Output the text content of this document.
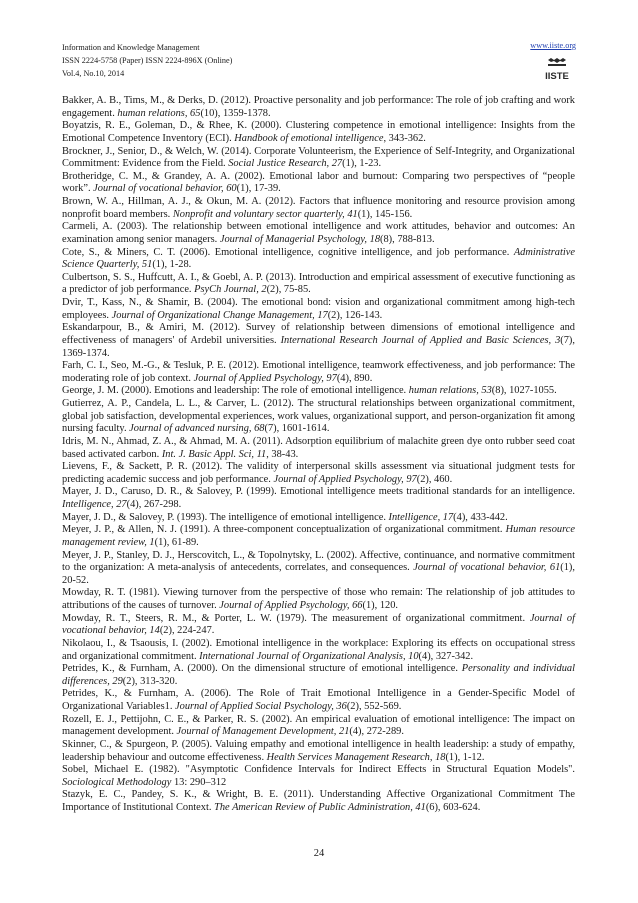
Information and Knowledge Management
ISSN 2224-5758 (Paper) ISSN 2224-896X (Online)
Vol.4, No.10, 2014
www.iiste.org
IISTE

Bakker, A. B., Tims, M., & Derks, D. (2012). Proactive personality and job performance: The role of job crafting and work engagement. human relations, 65(10), 1359-1378.

Boyatzis, R. E., Goleman, D., & Rhee, K. (2000). Clustering competence in emotional intelligence: Insights from the Emotional Competence Inventory (ECI). Handbook of emotional intelligence, 343-362.

Brockner, J., Senior, D., & Welch, W. (2014). Corporate Volunteerism, the Experience of Self-Integrity, and Organizational Commitment: Evidence from the Field. Social Justice Research, 27(1), 1-23.

Brotheridge, C. M., & Grandey, A. A. (2002). Emotional labor and burnout: Comparing two perspectives of “people work”. Journal of vocational behavior, 60(1), 17-39.

Brown, W. A., Hillman, A. J., & Okun, M. A. (2012). Factors that influence monitoring and resource provision among nonprofit board members. Nonprofit and voluntary sector quarterly, 41(1), 145-156.

Carmeli, A. (2003). The relationship between emotional intelligence and work attitudes, behavior and outcomes: An examination among senior managers. Journal of Managerial Psychology, 18(8), 788-813.

Cote, S., & Miners, C. T. (2006). Emotional intelligence, cognitive intelligence, and job performance. Administrative Science Quarterly, 51(1), 1-28.

Culbertson, S. S., Huffcutt, A. I., & Goebl, A. P. (2013). Introduction and empirical assessment of executive functioning as a predictor of job performance. PsyCh Journal, 2(2), 75-85.

Dvir, T., Kass, N., & Shamir, B. (2004). The emotional bond: vision and organizational commitment among high-tech employees. Journal of Organizational Change Management, 17(2), 126-143.

Eskandarpour, B., & Amiri, M. (2012). Survey of relationship between dimensions of emotional intelligence and effectiveness of managers' of Ardebil universities. International Research Journal of Applied and Basic Sciences, 3(7), 1369-1374.

Farh, C. I., Seo, M.-G., & Tesluk, P. E. (2012). Emotional intelligence, teamwork effectiveness, and job performance: The moderating role of job context. Journal of Applied Psychology, 97(4), 890.

George, J. M. (2000). Emotions and leadership: The role of emotional intelligence. human relations, 53(8), 1027-1055.

Gutierrez, A. P., Candela, L. L., & Carver, L. (2012). The structural relationships between organizational commitment, global job satisfaction, developmental experiences, work values, organizational support, and person‐organization fit among nursing faculty. Journal of advanced nursing, 68(7), 1601-1614.

Idris, M. N., Ahmad, Z. A., & Ahmad, M. A. (2011). Adsorption equilibrium of malachite green dye onto rubber seed coat based activated carbon. Int. J. Basic Appl. Sci, 11, 38-43.

Lievens, F., & Sackett, P. R. (2012). The validity of interpersonal skills assessment via situational judgment tests for predicting academic success and job performance. Journal of Applied Psychology, 97(2), 460.

Mayer, J. D., Caruso, D. R., & Salovey, P. (1999). Emotional intelligence meets traditional standards for an intelligence. Intelligence, 27(4), 267-298.

Mayer, J. D., & Salovey, P. (1993). The intelligence of emotional intelligence. Intelligence, 17(4), 433-442.

Meyer, J. P., & Allen, N. J. (1991). A three-component conceptualization of organizational commitment. Human resource management review, 1(1), 61-89.

Meyer, J. P., Stanley, D. J., Herscovitch, L., & Topolnytsky, L. (2002). Affective, continuance, and normative commitment to the organization: A meta-analysis of antecedents, correlates, and consequences. Journal of vocational behavior, 61(1), 20-52.

Mowday, R. T. (1981). Viewing turnover from the perspective of those who remain: The relationship of job attitudes to attributions of the causes of turnover. Journal of Applied Psychology, 66(1), 120.

Mowday, R. T., Steers, R. M., & Porter, L. W. (1979). The measurement of organizational commitment. Journal of vocational behavior, 14(2), 224-247.

Nikolaou, I., & Tsaousis, I. (2002). Emotional intelligence in the workplace: Exploring its effects on occupational stress and organizational commitment. International Journal of Organizational Analysis, 10(4), 327-342.

Petrides, K., & Furnham, A. (2000). On the dimensional structure of emotional intelligence. Personality and individual differences, 29(2), 313-320.

Petrides, K., & Furnham, A. (2006). The Role of Trait Emotional Intelligence in a Gender‐Specific Model of Organizational Variables1. Journal of Applied Social Psychology, 36(2), 552-569.

Rozell, E. J., Pettijohn, C. E., & Parker, R. S. (2002). An empirical evaluation of emotional intelligence: The impact on management development. Journal of Management Development, 21(4), 272-289.

Skinner, C., & Spurgeon, P. (2005). Valuing empathy and emotional intelligence in health leadership: a study of empathy, leadership behaviour and outcome effectiveness. Health Services Management Research, 18(1), 1-12.

Sobel, Michael E. (1982). "Asymptotic Confidence Intervals for Indirect Effects in Structural Equation Models". Sociological Methodology 13: 290–312

Stazyk, E. C., Pandey, S. K., & Wright, B. E. (2011). Understanding Affective Organizational Commitment The Importance of Institutional Context. The American Review of Public Administration, 41(6), 603-624.

24
